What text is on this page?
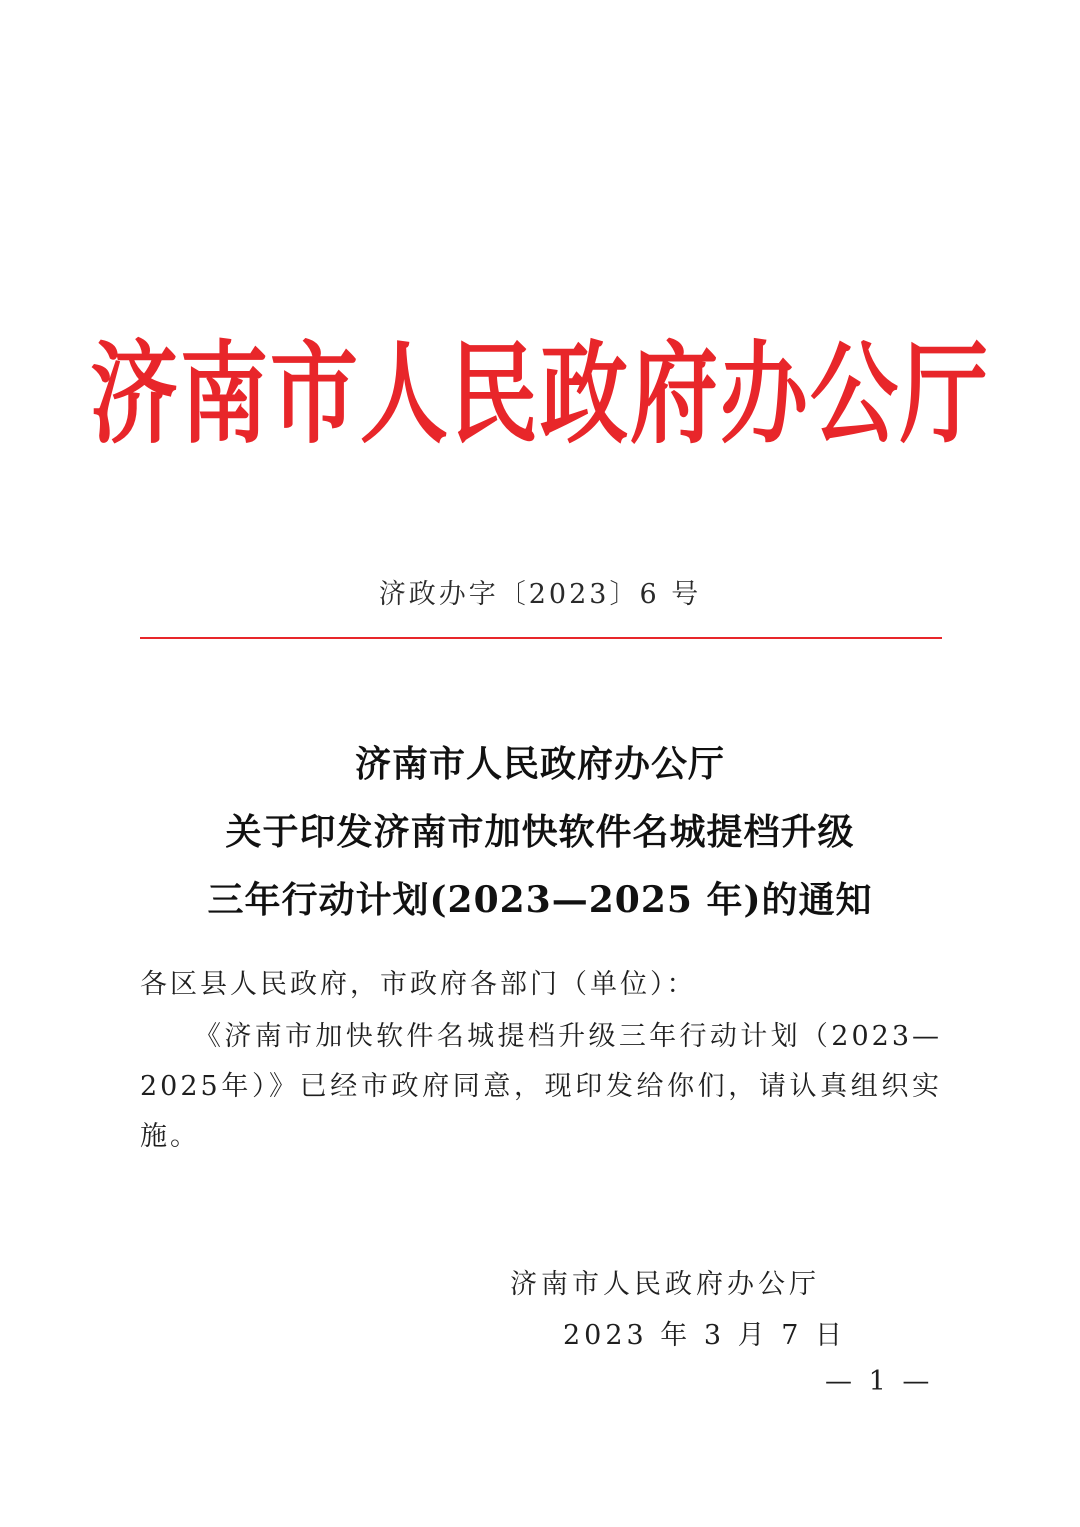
济南市人民政府办公厅
济政办字〔2023〕6 号
济南市人民政府办公厅
关于印发济南市加快软件名城提档升级
三年行动计划(2023—2025 年)的通知
各区县人民政府，市政府各部门（单位）：
《济南市加快软件名城提档升级三年行动计划（2023—2025年）》已经市政府同意，现印发给你们，请认真组织实施。
济南市人民政府办公厅
2023 年 3 月 7 日
— 1 —
